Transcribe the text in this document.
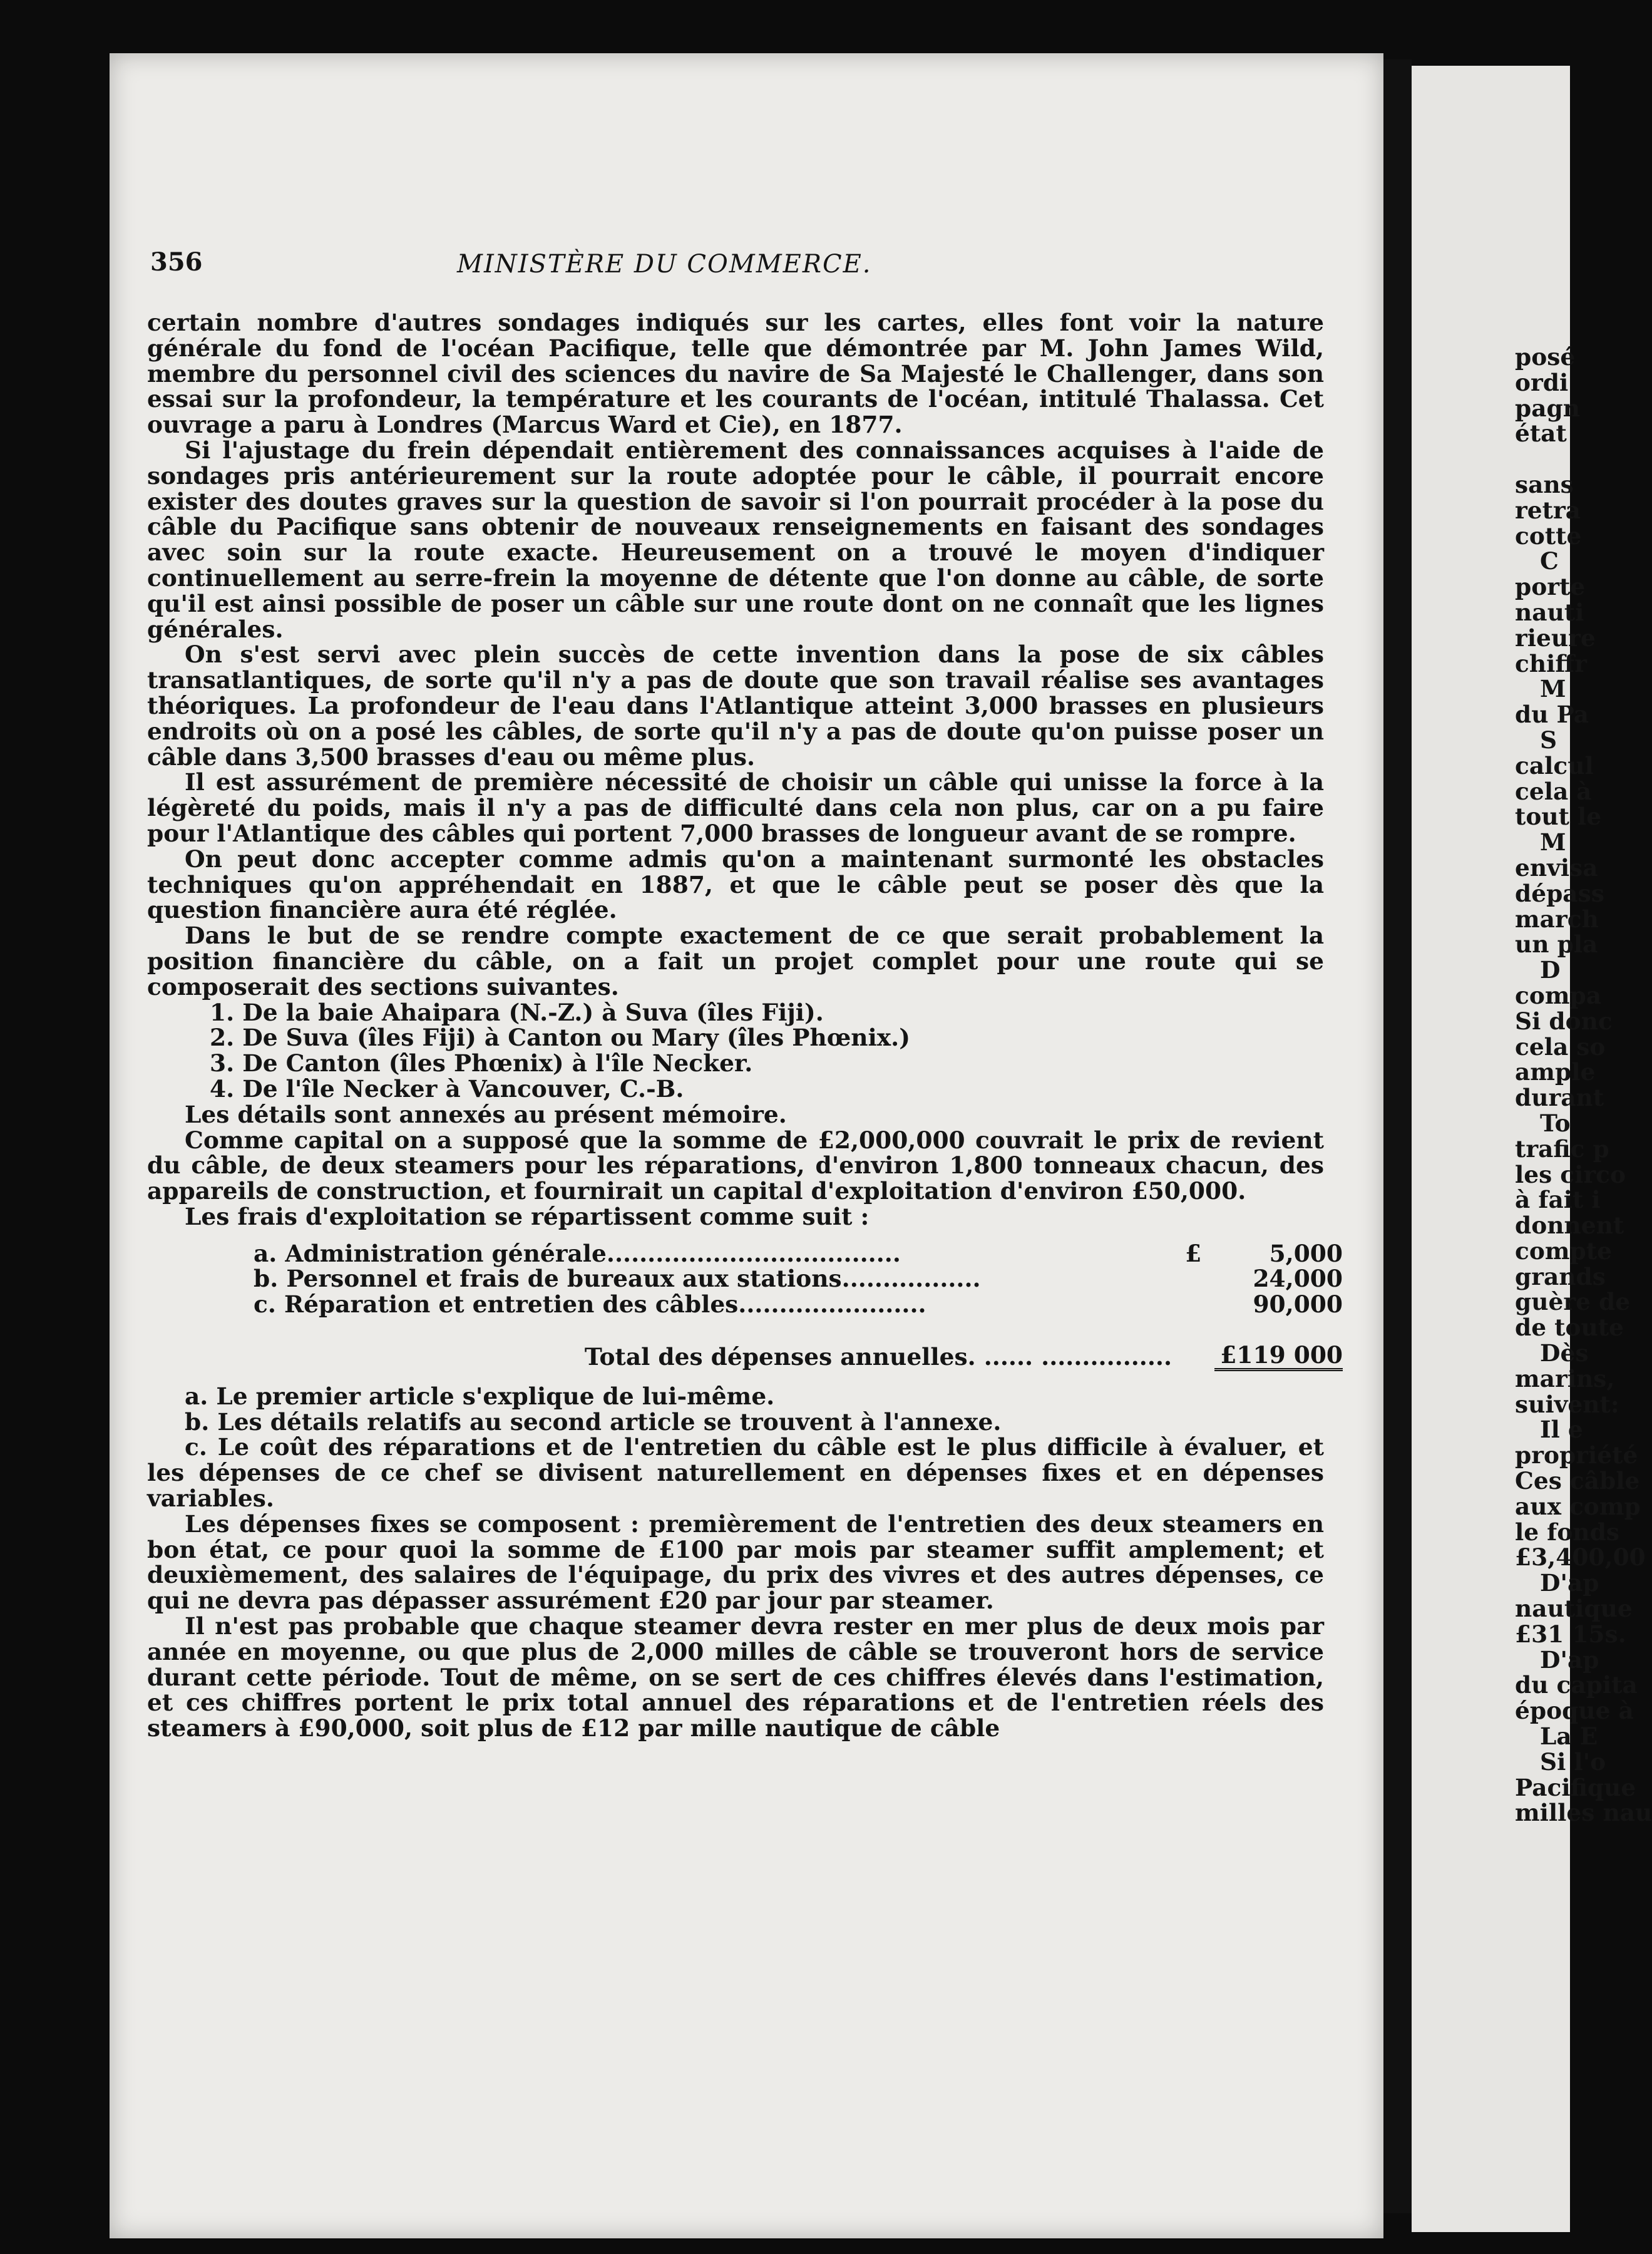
356	MINISTÈRE DU COMMERCE.

certain nombre d'autres sondages indiqués sur les cartes, elles font voir la nature générale du fond de l'océan Pacifique, telle que démontrée par M. John James Wild, membre du personnel civil des sciences du navire de Sa Majesté le Challenger, dans son essai sur la profondeur, la température et les courants de l'océan, intitulé Thalassa. Cet ouvrage a paru à Londres (Marcus Ward et Cie), en 1877.

Si l'ajustage du frein dépendait entièrement des connaissances acquises à l'aide de sondages pris antérieurement sur la route adoptée pour le câble, il pourrait encore exister des doutes graves sur la question de savoir si l'on pourrait procéder à la pose du câble du Pacifique sans obtenir de nouveaux renseignements en faisant des sondages avec soin sur la route exacte. Heureusement on a trouvé le moyen d'indiquer continuellement au serre-frein la moyenne de détente que l'on donne au câble, de sorte qu'il est ainsi possible de poser un câble sur une route dont on ne connaît que les lignes générales.

On s'est servi avec plein succès de cette invention dans la pose de six câbles transatlantiques, de sorte qu'il n'y a pas de doute que son travail réalise ses avantages théoriques. La profondeur de l'eau dans l'Atlantique atteint 3,000 brasses en plusieurs endroits où on a posé les câbles, de sorte qu'il n'y a pas de doute qu'on puisse poser un câble dans 3,500 brasses d'eau ou même plus.

Il est assurément de première nécessité de choisir un câble qui unisse la force à la légèreté du poids, mais il n'y a pas de difficulté dans cela non plus, car on a pu faire pour l'Atlantique des câbles qui portent 7,000 brasses de longueur avant de se rompre.

On peut donc accepter comme admis qu'on a maintenant surmonté les obstacles techniques qu'on appréhendait en 1887, et que le câble peut se poser dès que la question financière aura été réglée.

Dans le but de se rendre compte exactement de ce que serait probablement la position financière du câble, on a fait un projet complet pour une route qui se composerait des sections suivantes.

1. De la baie Ahaipara (N.-Z.) à Suva (îles Fiji).

2. De Suva (îles Fiji) à Canton ou Mary (îles Phœnix.)

3. De Canton (îles Phœnix) à l'île Necker.

4. De l'île Necker à Vancouver, C.-B.

Les détails sont annexés au présent mémoire.

Comme capital on a supposé que la somme de £2,000,000 couvrait le prix de revient du câble, de deux steamers pour les réparations, d'environ 1,800 tonneaux chacun, des appareils de construction, et fournirait un capital d'exploitation d'environ £50,000.

Les frais d'exploitation se répartissent comme suit :

a. Administration générale....................................	£	5,000
b. Personnel et frais de bureaux aux stations.................		24,000
c. Réparation et entretien des câbles.......................		90,000
Total des dépenses annuelles. ...... ................		£119 000

a. Le premier article s'explique de lui-même.

b. Les détails relatifs au second article se trouvent à l'annexe.

c. Le coût des réparations et de l'entretien du câble est le plus difficile à évaluer, et les dépenses de ce chef se divisent naturellement en dépenses fixes et en dépenses variables.

Les dépenses fixes se composent : premièrement de l'entretien des deux steamers en bon état, ce pour quoi la somme de £100 par mois par steamer suffit amplement; et deuxièmement, des salaires de l'équipage, du prix des vivres et des autres dépenses, ce qui ne devra pas dépasser assurément £20 par jour par steamer.

Il n'est pas probable que chaque steamer devra rester en mer plus de deux mois par année en moyenne, ou que plus de 2,000 milles de câble se trouveront hors de service durant cette période. Tout de même, on se sert de ces chiffres élevés dans l'estimation, et ces chiffres portent le prix total annuel des réparations et de l'entretien réels des steamers à £90,000, soit plus de £12 par mille nautique de câble

posé
ordi
pagn
état
sans
retra
cotte
C
porte
nauti
rieure
chiffr
M
du Pa
S
calcul
cela à
tout le
M
envisa
dépass
march
un pla
D
compa
Si donc
cela so
ample
durant
To
trafic p
les circo
à fait i
donnent
compte
grands
guère de
de toute
Dès
marins,
suivent:
Il e
propriété
Ces câble
aux comp
le fonds
£3,400,00
D'ap
nautique
£31 15s.
D'ap
du capita
époque à
La E
Si l'o
Pacifique
milles nau
